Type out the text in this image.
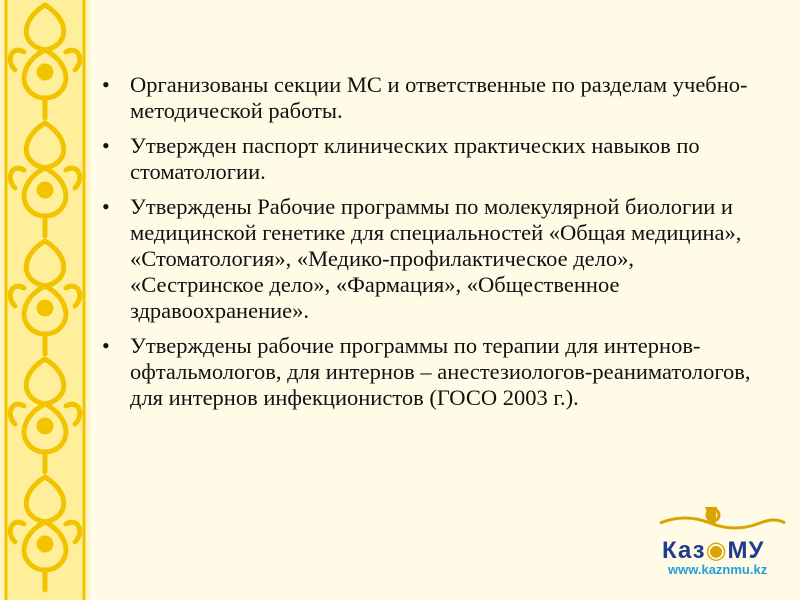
• Организованы секции МС и ответственные по разделам учебно-методической работы.
• Утвержден паспорт клинических практических навыков по стоматологии.
• Утверждены Рабочие программы по молекулярной биологии и медицинской генетике для специальностей «Общая медицина», «Стоматология», «Медико-профилактическое дело», «Сестринское дело», «Фармация», «Общественное здравоохранение».
• Утверждены рабочие программы по терапии для интернов-офтальмологов, для интернов – анестезиологов-реаниматологов, для интернов инфекционистов (ГОСО 2003 г.).
Каз◉МУ
www.kaznmu.kz
